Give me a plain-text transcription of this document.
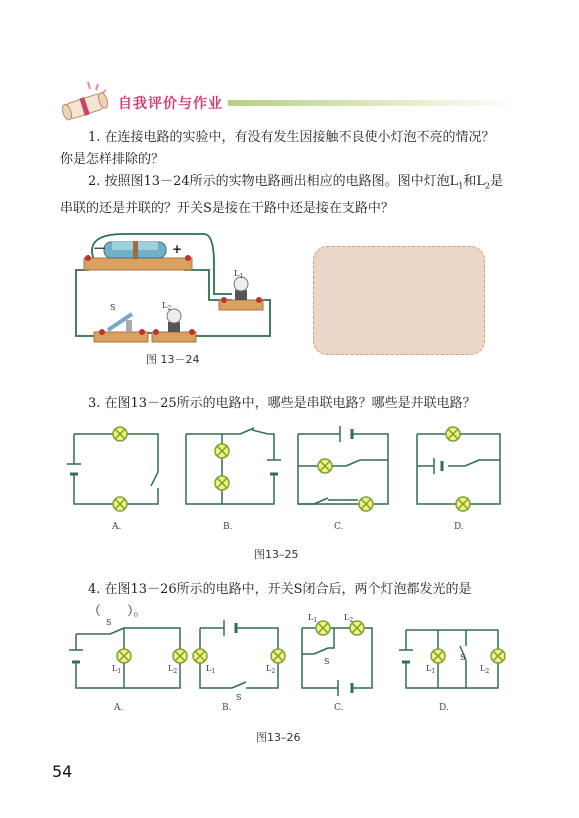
自我评价与作业
1. 在连接电路的实验中，有没有发生因接触不良使小灯泡不亮的情况？
你是怎样排除的？
2. 按照图13－24所示的实物电路画出相应的电路图。图中灯泡$L_1$和$L_2$是
串联的还是并联的？开关S是接在干路中还是接在支路中？
－	+
$L_1$
S	$L_2$
图 13－24
3. 在图13－25所示的电路中，哪些是串联电路？哪些是并联电路？
A.	B.	C.	D.
图13–25
4. 在图13－26所示的电路中，开关S闭合后，两个灯泡都发光的是（　　）。
S
$L_1$	$L_2$	$L_1$	$L_2$
S
$L_1$	$L_2$
S
$L_1$
S
$L_2$
A.	B.	C.	D.
图13–26
54
